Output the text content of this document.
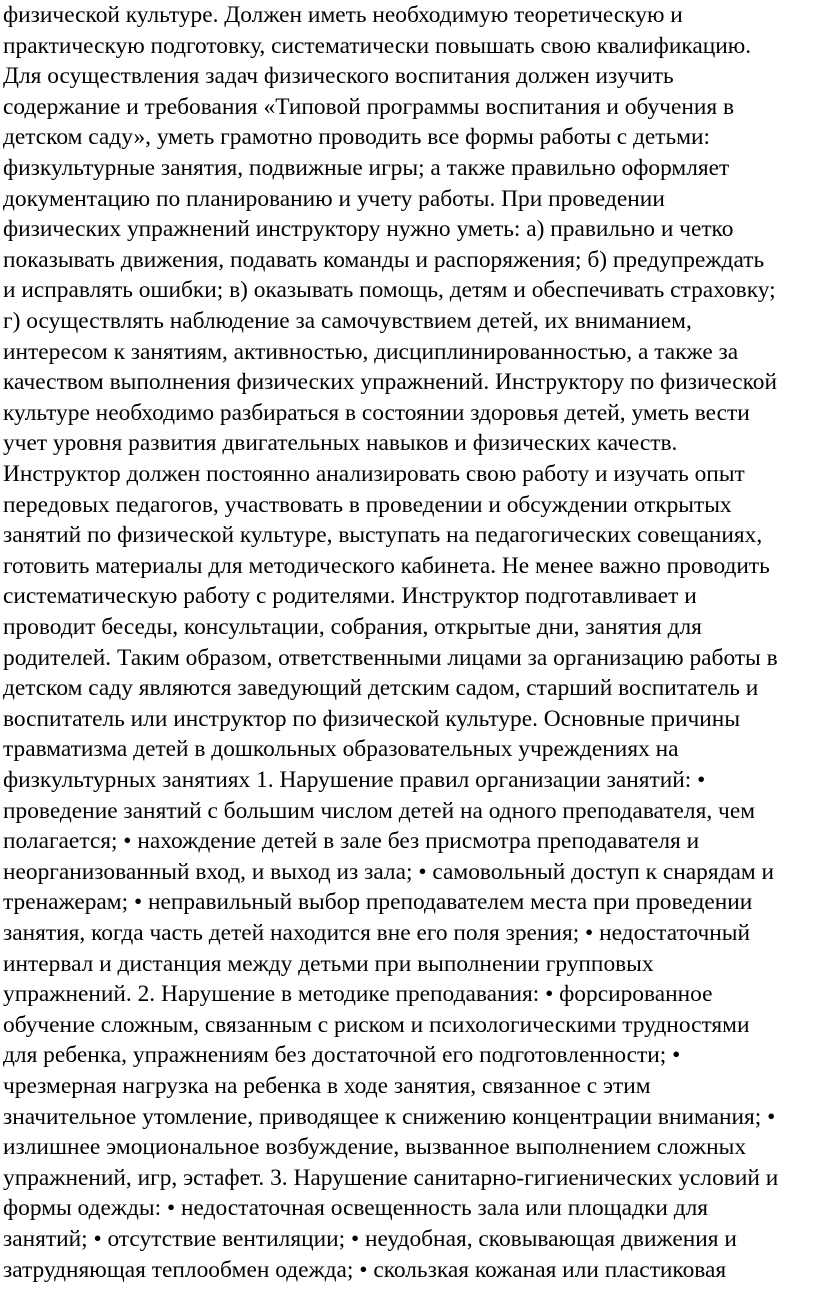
физической культуре. Должен иметь необходимую теоретическую и

практическую подготовку, систематически повышать свою квалификацию.

Для осуществления задач физического воспитания должен изучить

содержание и требования «Типовой программы воспитания и обучения в

детском саду», уметь грамотно проводить все формы работы с детьми:

физкультурные занятия, подвижные игры; а также правильно оформляет

документацию по планированию и учету работы. При проведении

физических упражнений инструктору нужно уметь: а) правильно и четко

показывать движения, подавать команды и распоряжения; б) предупреждать

и исправлять ошибки; в) оказывать помощь, детям и обеспечивать страховку;

г) осуществлять наблюдение за самочувствием детей, их вниманием,

интересом к занятиям, активностью, дисциплинированностью, а также за

качеством выполнения физических упражнений. Инструктору по физической

культуре необходимо разбираться в состоянии здоровья детей, уметь вести

учет уровня развития двигательных навыков и физических качеств.

Инструктор должен постоянно анализировать свою работу и изучать опыт

передовых педагогов, участвовать в проведении и обсуждении открытых

занятий по физической культуре, выступать на педагогических совещаниях,

готовить материалы для методического кабинета. Не менее важно проводить

систематическую работу с родителями. Инструктор подготавливает и

проводит беседы, консультации, собрания, открытые дни, занятия для

родителей. Таким образом, ответственными лицами за организацию работы в

детском саду являются заведующий детским садом, старший воспитатель и

воспитатель или инструктор по физической культуре. Основные причины

травматизма детей в дошкольных образовательных учреждениях на

физкультурных занятиях 1. Нарушение правил организации занятий: •

проведение занятий с большим числом детей на одного преподавателя, чем

полагается; • нахождение детей в зале без присмотра преподавателя и

неорганизованный вход, и выход из зала; • самовольный доступ к снарядам и

тренажерам; • неправильный выбор преподавателем места при проведении

занятия, когда часть детей находится вне его поля зрения; • недостаточный

интервал и дистанция между детьми при выполнении групповых

упражнений. 2. Нарушение в методике преподавания: • форсированное

обучение сложным, связанным с риском и психологическими трудностями

для ребенка, упражнениям без достаточной его подготовленности; •

чрезмерная нагрузка на ребенка в ходе занятия, связанное с этим

значительное утомление, приводящее к снижению концентрации внимания; •

излишнее эмоциональное возбуждение, вызванное выполнением сложных

упражнений, игр, эстафет. 3. Нарушение санитарно-гигиенических условий и

формы одежды: • недостаточная освещенность зала или площадки для

занятий; • отсутствие вентиляции; • неудобная, сковывающая движения и

затрудняющая теплообмен одежда; • скользкая кожаная или пластиковая
